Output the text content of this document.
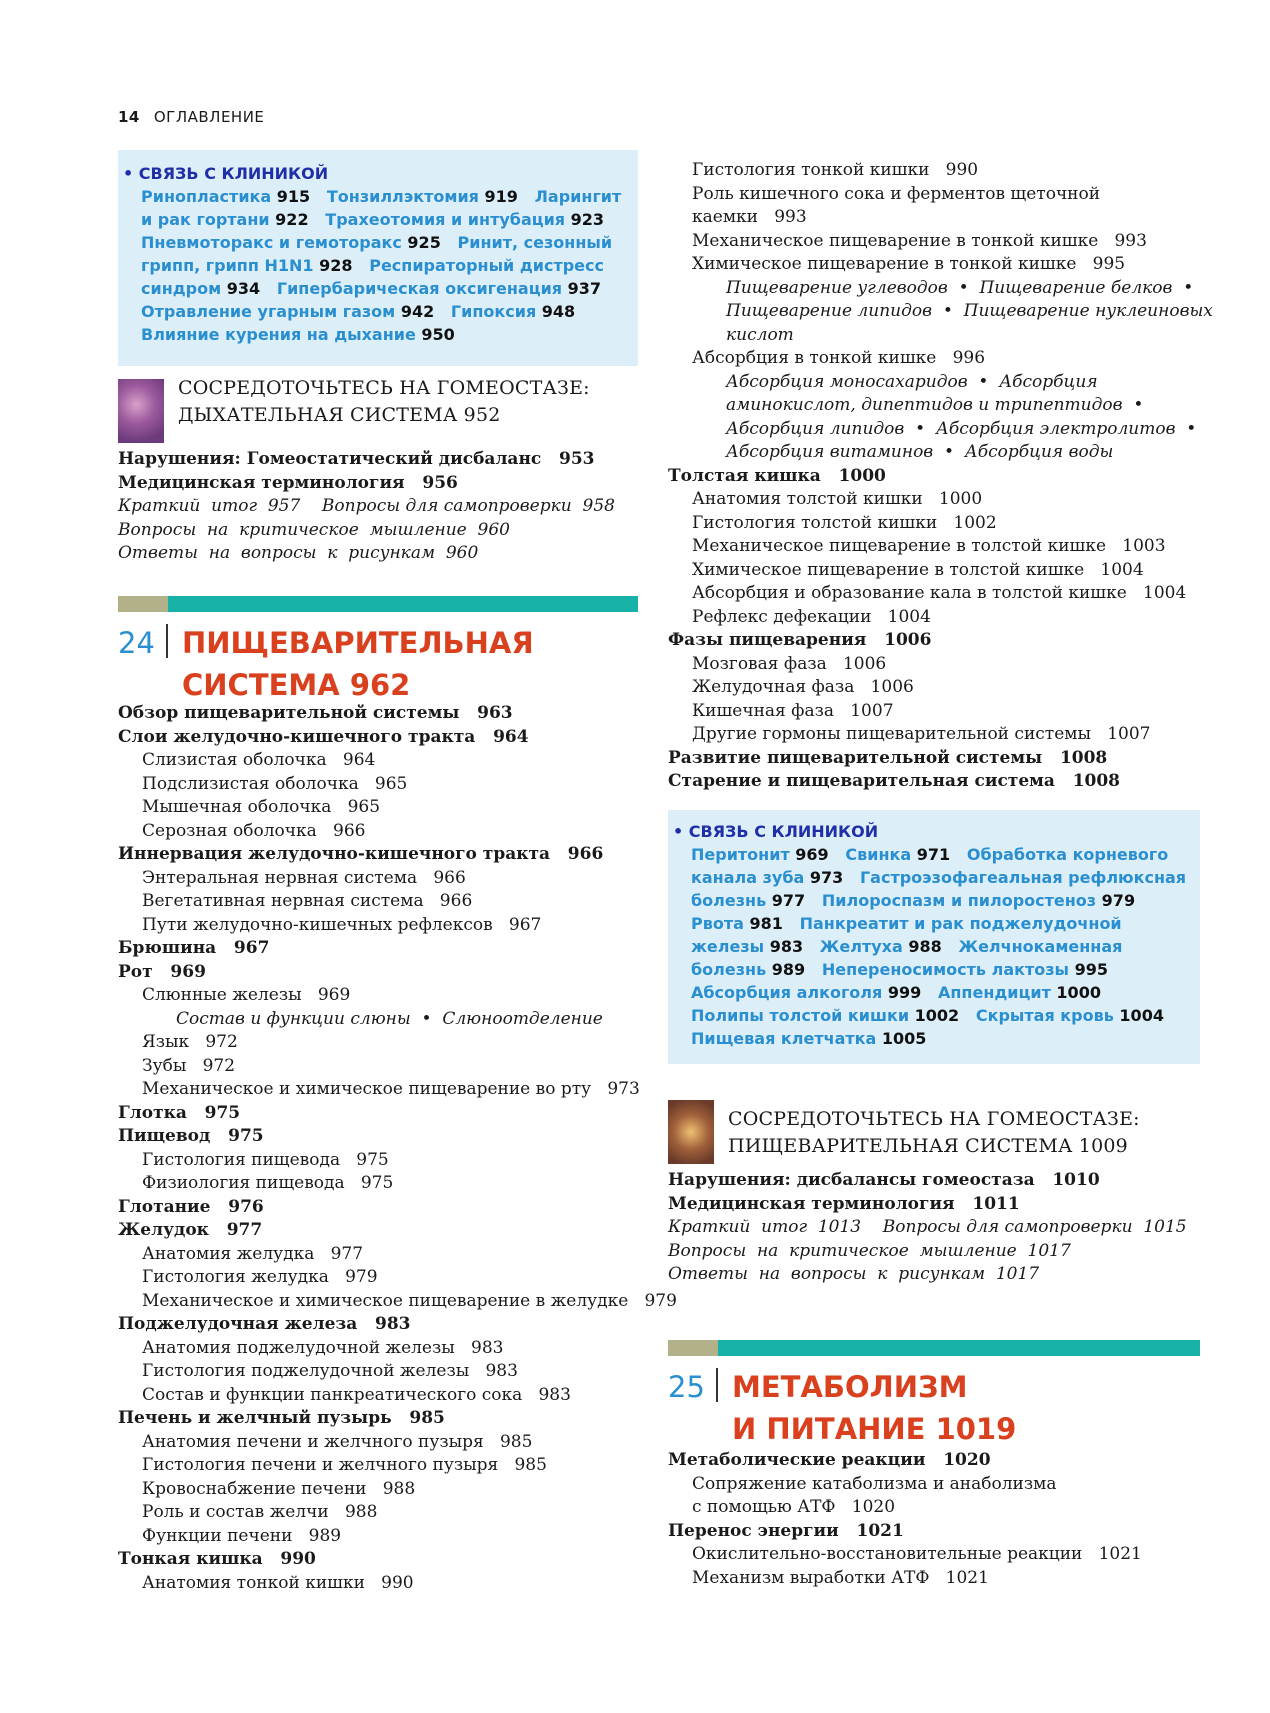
14 ОГЛАВЛЕНИЕ
• СВЯЗЬ С КЛИНИКОЙ
Ринопластика 915   Тонзиллэктомия 919   Ларингит
и рак гортани 922   Трахеотомия и интубация 923
Пневмоторакс и гемоторакс 925   Ринит, сезонный
грипп, грипп H1N1 928   Респираторный дистресс
синдром 934   Гипербарическая оксигенация 937
Отравление угарным газом 942   Гипоксия 948
Влияние курения на дыхание 950
СОСРЕДОТОЧЬТЕСЬ НА ГОМЕОСТАЗЕ:
ДЫХАТЕЛЬНАЯ СИСТЕМА 952
Нарушения: Гомеостатический дисбаланс   953
Медицинская терминология   956
Краткий  итог  957    Вопросы для самопроверки  958
Вопросы  на  критическое  мышление  960
Ответы  на  вопросы  к  рисункам  960
24 ПИЩЕВАРИТЕЛЬНАЯ
СИСТЕМА 962
Обзор пищеварительной системы   963
Слои желудочно-кишечного тракта   964
Слизистая оболочка   964
Подслизистая оболочка   965
Мышечная оболочка   965
Серозная оболочка   966
Иннервация желудочно-кишечного тракта   966
Энтеральная нервная система   966
Вегетативная нервная система   966
Пути желудочно-кишечных рефлексов   967
Брюшина   967
Рот   969
Слюнные железы   969
Состав и функции слюны  •  Слюноотделение
Язык   972
Зубы   972
Механическое и химическое пищеварение во рту   973
Глотка   975
Пищевод   975
Гистология пищевода   975
Физиология пищевода   975
Глотание   976
Желудок   977
Анатомия желудка   977
Гистология желудка   979
Механическое и химическое пищеварение в желудке   979
Поджелудочная железа   983
Анатомия поджелудочной железы   983
Гистология поджелудочной железы   983
Состав и функции панкреатического сока   983
Печень и желчный пузырь   985
Анатомия печени и желчного пузыря   985
Гистология печени и желчного пузыря   985
Кровоснабжение печени   988
Роль и состав желчи   988
Функции печени   989
Тонкая кишка   990
Анатомия тонкой кишки   990
Гистология тонкой кишки   990
Роль кишечного сока и ферментов щеточной
каемки   993
Механическое пищеварение в тонкой кишке   993
Химическое пищеварение в тонкой кишке   995
Пищеварение углеводов  •  Пищеварение белков  •
Пищеварение липидов  •  Пищеварение нуклеиновых
кислот
Абсорбция в тонкой кишке   996
Абсорбция моносахаридов  •  Абсорбция
аминокислот, дипептидов и трипептидов  •
Абсорбция липидов  •  Абсорбция электролитов  •
Абсорбция витаминов  •  Абсорбция воды
Толстая кишка   1000
Анатомия толстой кишки   1000
Гистология толстой кишки   1002
Механическое пищеварение в толстой кишке   1003
Химическое пищеварение в толстой кишке   1004
Абсорбция и образование кала в толстой кишке   1004
Рефлекс дефекации   1004
Фазы пищеварения   1006
Мозговая фаза   1006
Желудочная фаза   1006
Кишечная фаза   1007
Другие гормоны пищеварительной системы   1007
Развитие пищеварительной системы   1008
Старение и пищеварительная система   1008
• СВЯЗЬ С КЛИНИКОЙ
Перитонит 969   Свинка 971   Обработка корневого
канала зуба 973   Гастроэзофагеальная рефлюксная
болезнь 977   Пилороспазм и пилоростеноз 979
Рвота 981   Панкреатит и рак поджелудочной
железы 983   Желтуха 988   Желчнокаменная
болезнь 989   Непереносимость лактозы 995
Абсорбция алкоголя 999   Аппендицит 1000
Полипы толстой кишки 1002   Скрытая кровь 1004
Пищевая клетчатка 1005
СОСРЕДОТОЧЬТЕСЬ НА ГОМЕОСТАЗЕ:
ПИЩЕВАРИТЕЛЬНАЯ СИСТЕМА 1009
Нарушения: дисбалансы гомеостаза   1010
Медицинская терминология   1011
Краткий  итог  1013    Вопросы для самопроверки  1015
Вопросы  на  критическое  мышление  1017
Ответы  на  вопросы  к  рисункам  1017
25 МЕТАБОЛИЗМ
И ПИТАНИЕ 1019
Метаболические реакции   1020
Сопряжение катаболизма и анаболизма
с помощью АТФ   1020
Перенос энергии   1021
Окислительно-восстановительные реакции   1021
Механизм выработки АТФ   1021
